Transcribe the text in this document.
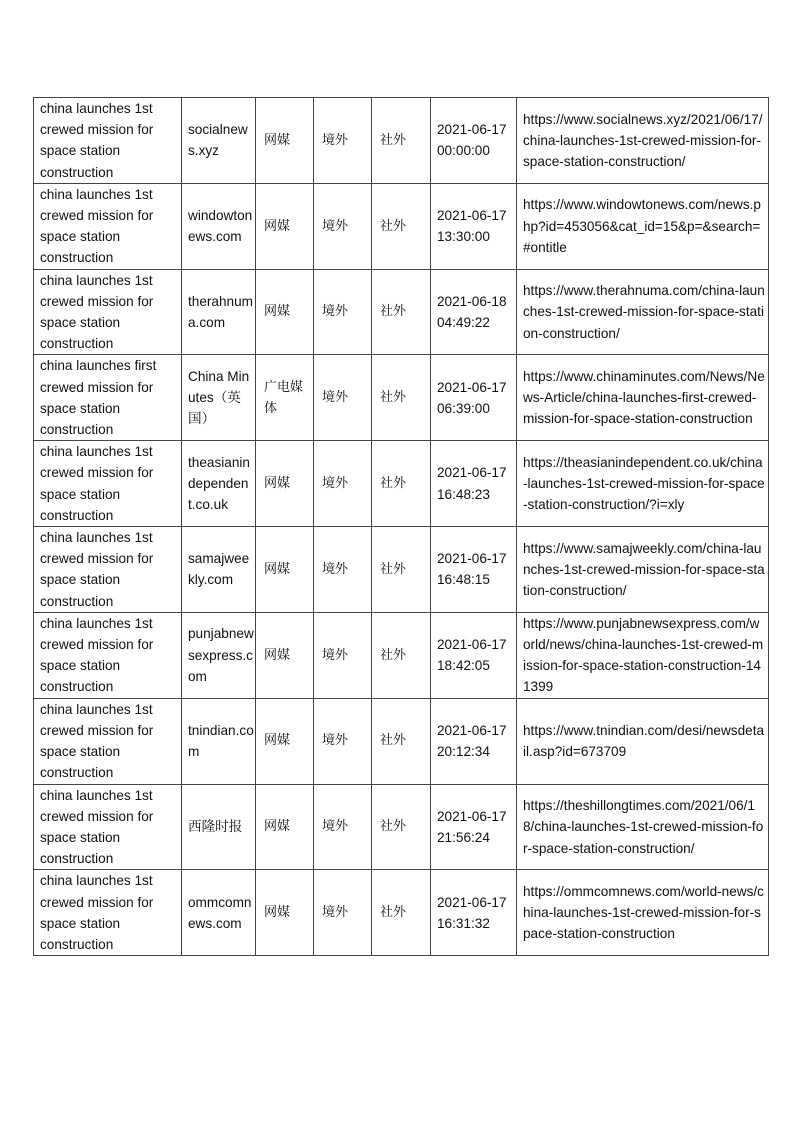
china launches 1st crewed mission for space station construction	socialnews.xyz	网媒	境外	社外	2021-06-17 00:00:00	https://www.socialnews.xyz/2021/06/17/china-launches-1st-crewed-mission-for-space-station-construction/
china launches 1st crewed mission for space station construction	windowtonews.com	网媒	境外	社外	2021-06-17 13:30:00	https://www.windowtonews.com/news.php?id=453056&cat_id=15&p=&search=#ontitle
china launches 1st crewed mission for space station construction	therahnuma.com	网媒	境外	社外	2021-06-18 04:49:22	https://www.therahnuma.com/china-launches-1st-crewed-mission-for-space-station-construction/
china launches first crewed mission for space station construction	China Minutes（英国）	广电媒体	境外	社外	2021-06-17 06:39:00	https://www.chinaminutes.com/News/News-Article/china-launches-first-crewed-mission-for-space-station-construction
china launches 1st crewed mission for space station construction	theasianindependent.co.uk	网媒	境外	社外	2021-06-17 16:48:23	https://theasianindependent.co.uk/china-launches-1st-crewed-mission-for-space-station-construction/?i=xly
china launches 1st crewed mission for space station construction	samajweekly.com	网媒	境外	社外	2021-06-17 16:48:15	https://www.samajweekly.com/china-launches-1st-crewed-mission-for-space-station-construction/
china launches 1st crewed mission for space station construction	punjabnewsexpress.com	网媒	境外	社外	2021-06-17 18:42:05	https://www.punjabnewsexpress.com/world/news/china-launches-1st-crewed-mission-for-space-station-construction-141399
china launches 1st crewed mission for space station construction	tnindian.com	网媒	境外	社外	2021-06-17 20:12:34	https://www.tnindian.com/desi/newsdetail.asp?id=673709
china launches 1st crewed mission for space station construction	西隆时报	网媒	境外	社外	2021-06-17 21:56:24	https://theshillongtimes.com/2021/06/18/china-launches-1st-crewed-mission-for-space-station-construction/
china launches 1st crewed mission for space station construction	ommcomnews.com	网媒	境外	社外	2021-06-17 16:31:32	https://ommcomnews.com/world-news/china-launches-1st-crewed-mission-for-space-station-construction
